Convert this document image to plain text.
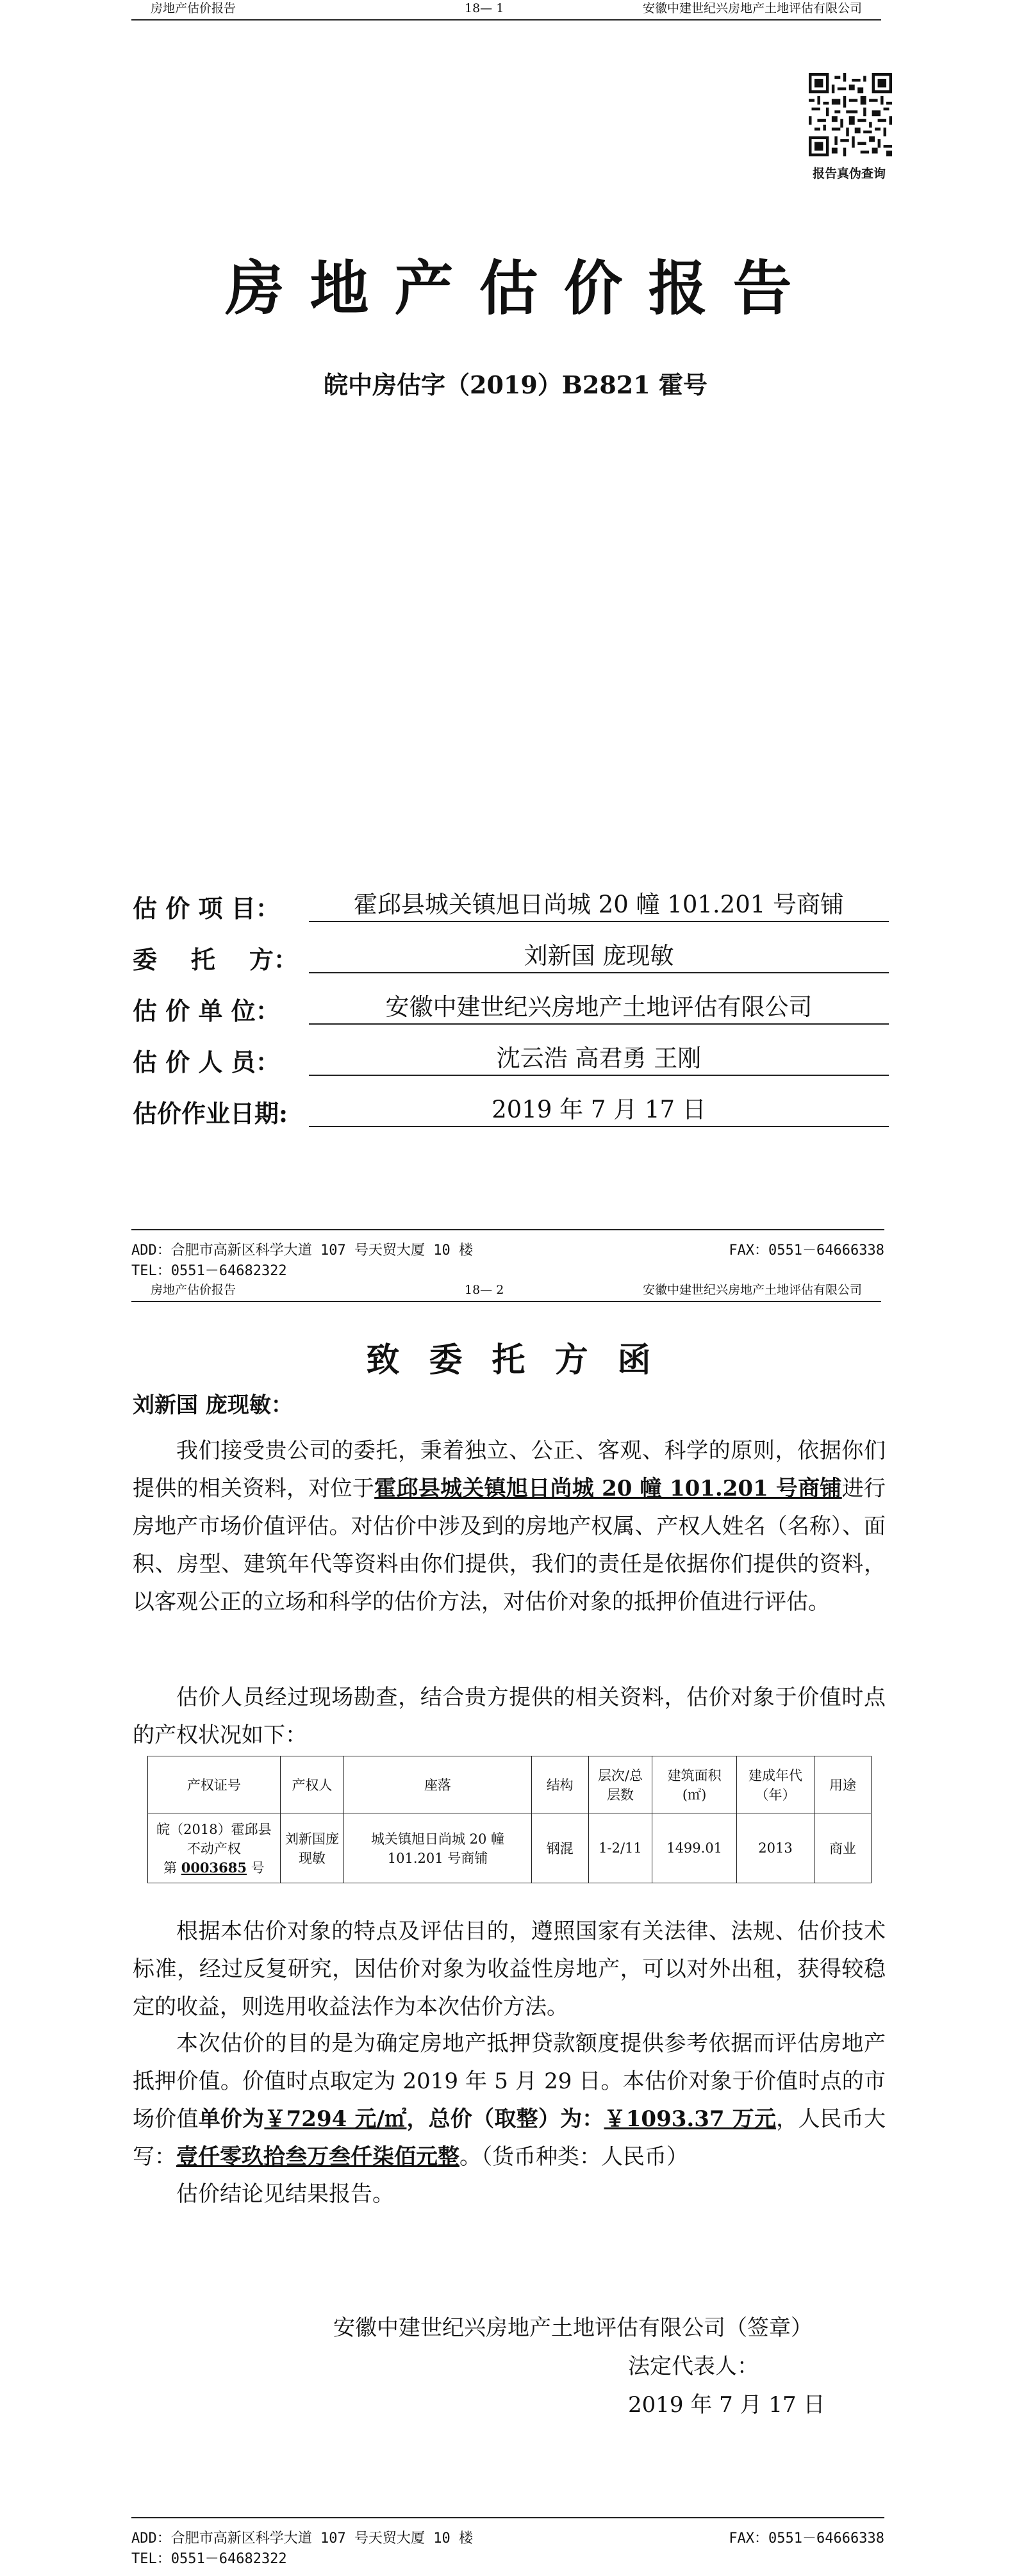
房地产估价报告	18— 1	安徽中建世纪兴房地产土地评估有限公司
报告真伪查询
房地产估价报告
皖中房估字（2019）B2821 霍号
估 价 项 目：	霍邱县城关镇旭日尚城 20 幢 101.201 号商铺
委    托    方：	刘新国 庞现敏
估 价 单 位：	安徽中建世纪兴房地产土地评估有限公司
估 价 人 员：	沈云浩 高君勇 王刚
估价作业日期:	2019 年 7 月 17 日
ADD：合肥市高新区科学大道 107 号天贸大厦 10 楼	FAX：0551－64666338
TEL：0551－64682322
房地产估价报告	18— 2	安徽中建世纪兴房地产土地评估有限公司
致委托方函
刘新国 庞现敏：
我们接受贵公司的委托，秉着独立、公正、客观、科学的原则，依据你们提供的相关资料，对位于霍邱县城关镇旭日尚城 20 幢 101.201 号商铺进行房地产市场价值评估。对估价中涉及到的房地产权属、产权人姓名（名称）、面积、房型、建筑年代等资料由你们提供，我们的责任是依据你们提供的资料，以客观公正的立场和科学的估价方法，对估价对象的抵押价值进行评估。
估价人员经过现场勘查，结合贵方提供的相关资料，估价对象于价值时点的产权状况如下：
产权证号	产权人	座落	结构	层次/总层数	建筑面积(㎡)	建成年代（年）	用途
皖（2018）霍邱县不动产权
第 0003685 号	刘新国庞现敏	城关镇旭日尚城 20 幢 101.201 号商铺	钢混	1-2/11	1499.01	2013	商业
根据本估价对象的特点及评估目的，遵照国家有关法律、法规、估价技术标准，经过反复研究，因估价对象为收益性房地产，可以对外出租，获得较稳定的收益，则选用收益法作为本次估价方法。
本次估价的目的是为确定房地产抵押贷款额度提供参考依据而评估房地产抵押价值。价值时点取定为 2019 年 5 月 29 日。本估价对象于价值时点的市场价值单价为￥7294 元/㎡，总价（取整）为：￥1093.37 万元，人民币大写：壹仟零玖拾叁万叁仟柒佰元整。（货币种类：人民币）
估价结论见结果报告。
安徽中建世纪兴房地产土地评估有限公司（签章）
法定代表人：
2019 年 7 月 17 日
ADD：合肥市高新区科学大道 107 号天贸大厦 10 楼	FAX：0551－64666338
TEL：0551－64682322
